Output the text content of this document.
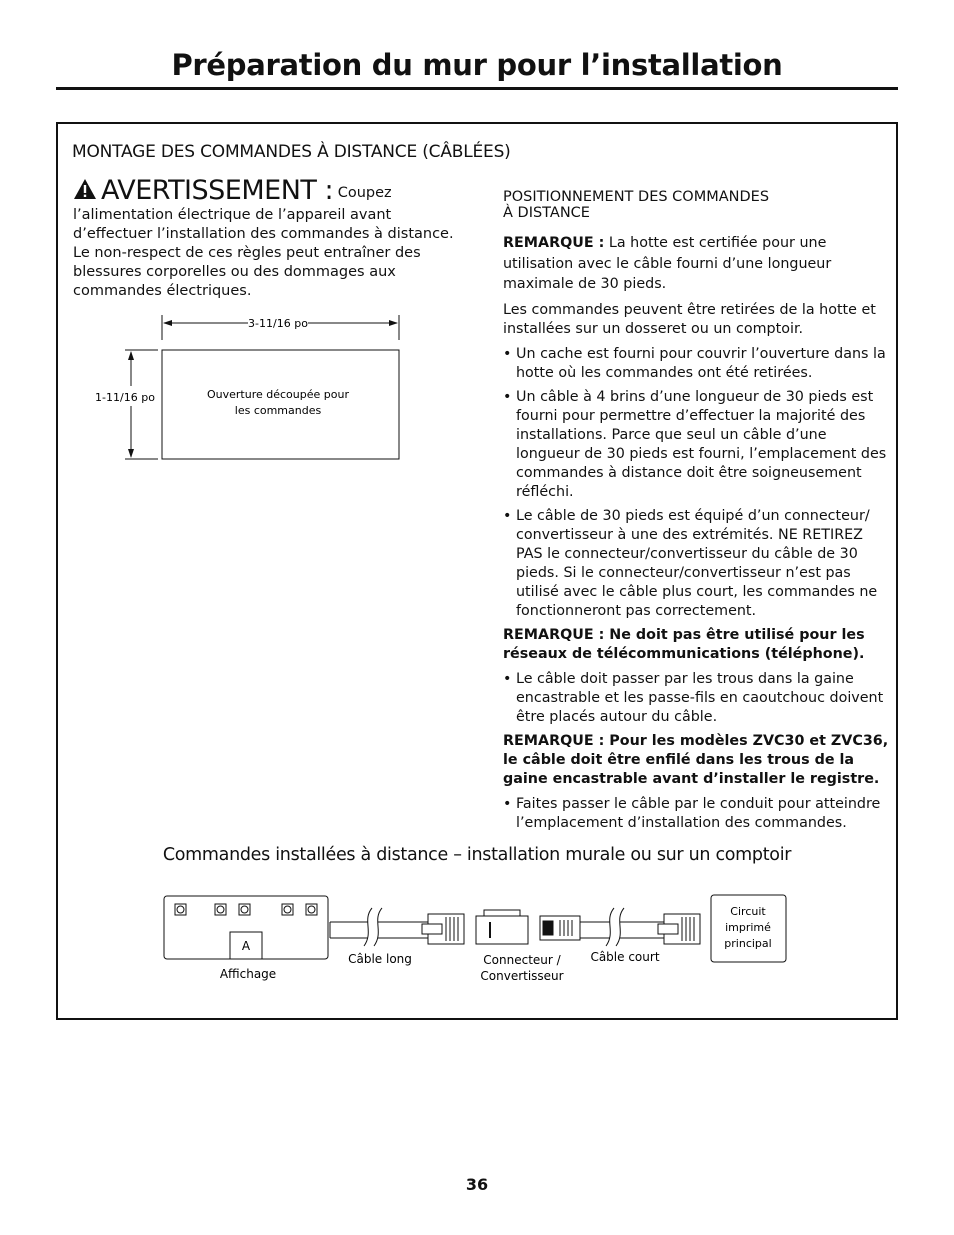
Préparation du mur pour l’installation
MONTAGE DES COMMANDES À DISTANCE (CÂBLÉES)
AVERTISSEMENT : Coupez l’alimentation électrique de l’appareil avant d’effectuer l’installation des commandes à distance. Le non-respect de ces règles peut entraîner des blessures corporelles ou des dommages aux commandes électriques.
3-11/16 po
1-11/16 po	Ouverture découpée pour
les commandes
POSITIONNEMENT DES COMMANDES
À DISTANCE

REMARQUE : La hotte est certifiée pour une utilisation avec le câble fourni d’une longueur maximale de 30 pieds.

Les commandes peuvent être retirées de la hotte et installées sur un dosseret ou un comptoir.

• Un cache est fourni pour couvrir l’ouverture dans la hotte où les commandes ont été retirées.
• Un câble à 4 brins d’une longueur de 30 pieds est fourni pour permettre d’effectuer la majorité des installations. Parce que seul un câble d’une longueur de 30 pieds est fourni, l’emplacement des commandes à distance doit être soigneusement réfléchi.
• Le câble de 30 pieds est équipé d’un connecteur/ convertisseur à une des extrémités. NE RETIREZ PAS le connecteur/convertisseur du câble de 30 pieds. Si le connecteur/convertisseur n’est pas utilisé avec le câble plus court, les commandes ne fonctionneront pas correctement.

REMARQUE : Ne doit pas être utilisé pour les réseaux de télécommunications (téléphone).

• Le câble doit passer par les trous dans la gaine encastrable et les passe-fils en caoutchouc doivent être placés autour du câble.

REMARQUE : Pour les modèles ZVC30 et ZVC36, le câble doit être enfilé dans les trous de la gaine encastrable avant d’installer le registre.

• Faites passer le câble par le conduit pour atteindre l’emplacement d’installation des commandes.
Commandes installées à distance – installation murale ou sur un comptoir
A
Affichage
Câble long	Connecteur /
Convertisseur
Câble court
Circuit
imprimé
principal
36
